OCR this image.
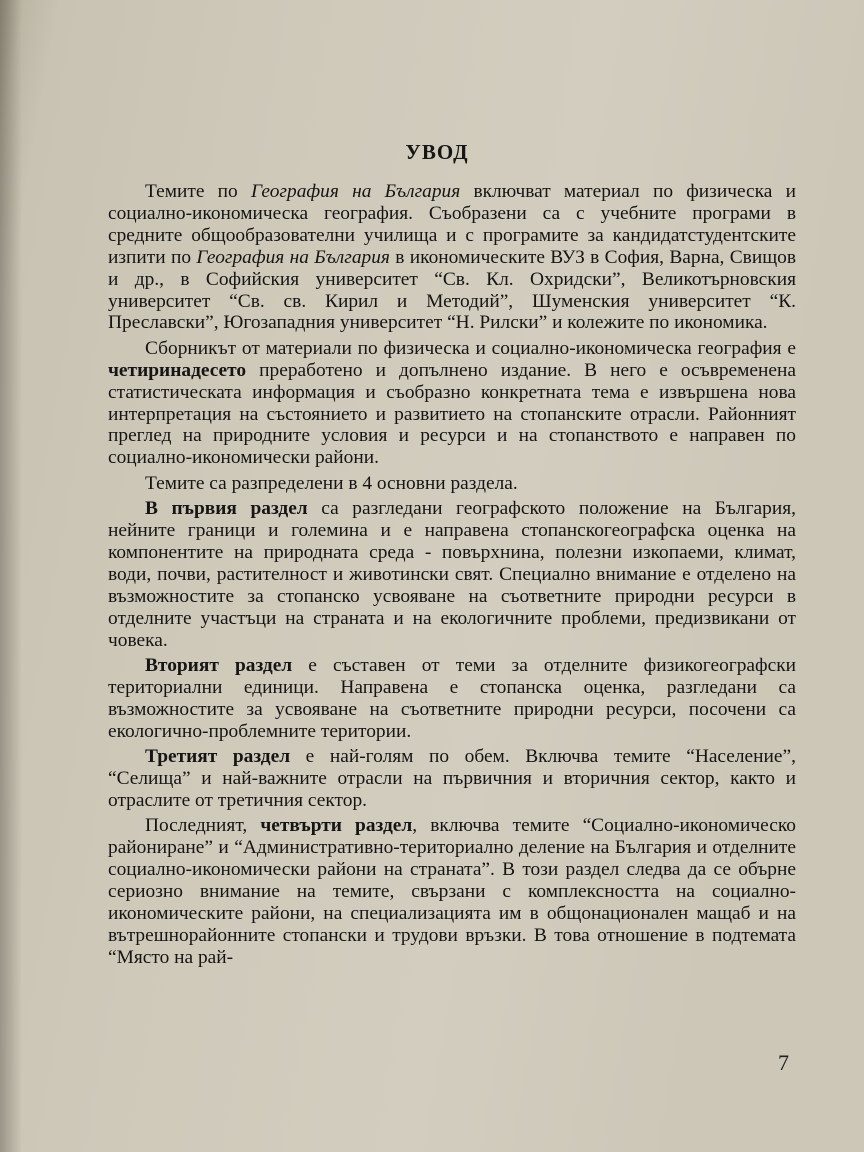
УВОД

Темите по География на България включват материал по физическа и социално-икономическа география. Съобразени са с учебните програми в средните общообразователни училища и с програмите за кандидатстудентските изпити по География на България в икономическите ВУЗ в София, Варна, Свищов и др., в Софийския университет “Св. Кл. Охридски”, Великотърновския университет “Св. св. Кирил и Методий”, Шуменския университет “К. Преславски”, Югозападния университет “Н. Рилски” и колежите по икономика.

Сборникът от материали по физическа и социално-икономическа география е четиринадесето преработено и допълнено издание. В него е осъвременена статистическата информация и съобразно конкретната тема е извършена нова интерпретация на състоянието и развитието на стопанските отрасли. Районният преглед на природните условия и ресурси и на стопанството е направен по социално-икономически райони.

Темите са разпределени в 4 основни раздела.

В първия раздел са разгледани географското положение на България, нейните граници и големина и е направена стопанскогеографска оценка на компонентите на природната среда - повърхнина, полезни изкопаеми, климат, води, почви, растителност и животински свят. Специално внимание е отделено на възможностите за стопанско усвояване на съответните природни ресурси в отделните участъци на страната и на екологичните проблеми, предизвикани от човека.

Вторият раздел е съставен от теми за отделните физикогеографски териториални единици. Направена е стопанска оценка, разгледани са възможностите за усвояване на съответните природни ресурси, посочени са екологично-проблемните територии.

Третият раздел е най-голям по обем. Включва темите “Население”, “Селища” и най-важните отрасли на първичния и вторичния сектор, както и отраслите от третичния сектор.

Последният, четвърти раздел, включва темите “Социално-икономическо райониране” и “Административно-териториално деление на България и отделните социално-икономически райони на страната”. В този раздел следва да се обърне сериозно внимание на темите, свързани с комплексността на социално-икономическите райони, на специализацията им в общонационален мащаб и на вътрешнорайонните стопански и трудови връзки. В това отношение в подтемата “Място на рай-

7
